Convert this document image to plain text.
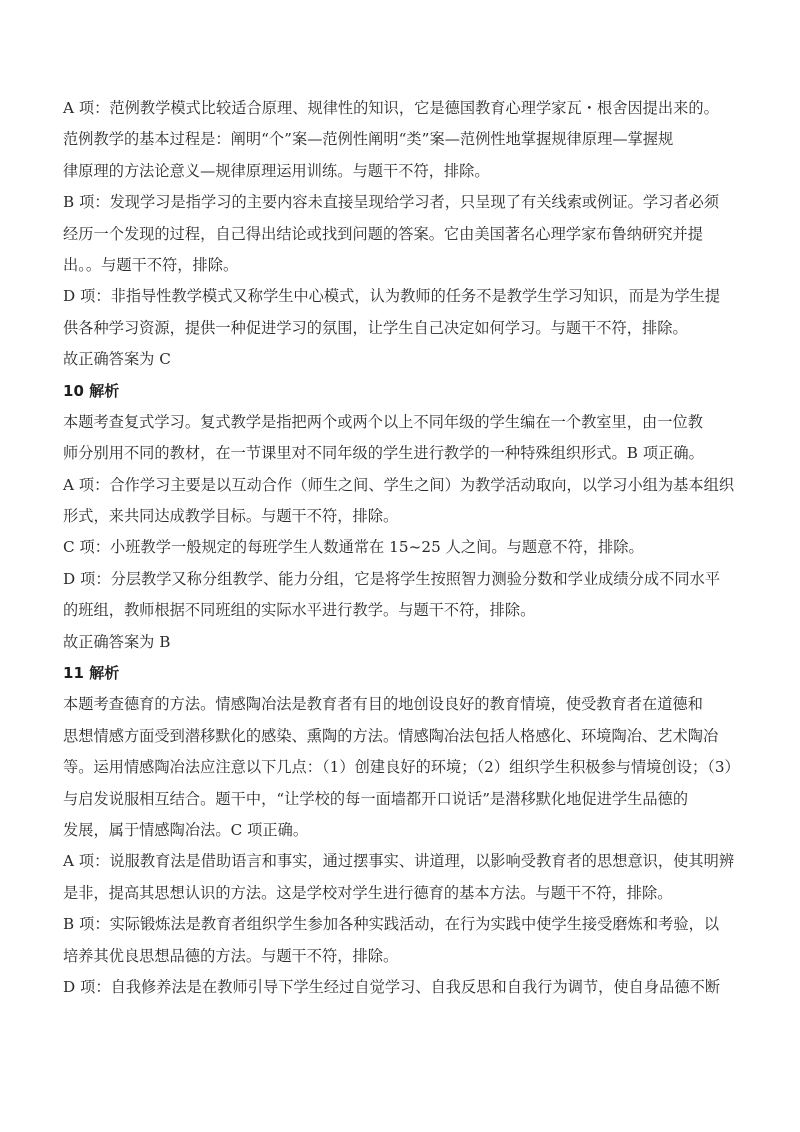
A 项：范例教学模式比较适合原理、规律性的知识，它是德国教育心理学家瓦・根舍因提出来的。
范例教学的基本过程是：阐明“个”案—范例性阐明“类”案—范例性地掌握规律原理—掌握规
律原理的方法论意义—规律原理运用训练。与题干不符，排除。
B 项：发现学习是指学习的主要内容未直接呈现给学习者，只呈现了有关线索或例证。学习者必须
经历一个发现的过程，自己得出结论或找到问题的答案。它由美国著名心理学家布鲁纳研究并提
出。。与题干不符，排除。
D 项：非指导性教学模式又称学生中心模式，认为教师的任务不是教学生学习知识，而是为学生提
供各种学习资源，提供一种促进学习的氛围，让学生自己决定如何学习。与题干不符，排除。
故正确答案为 C
10 解析
本题考查复式学习。复式教学是指把两个或两个以上不同年级的学生编在一个教室里，由一位教
师分别用不同的教材，在一节课里对不同年级的学生进行教学的一种特殊组织形式。B 项正确。
A 项：合作学习主要是以互动合作（师生之间、学生之间）为教学活动取向，以学习小组为基本组织
形式，来共同达成教学目标。与题干不符，排除。
C 项：小班教学一般规定的每班学生人数通常在 15~25 人之间。与题意不符，排除。
D 项：分层教学又称分组教学、能力分组，它是将学生按照智力测验分数和学业成绩分成不同水平
的班组，教师根据不同班组的实际水平进行教学。与题干不符，排除。
故正确答案为 B
11 解析
本题考查德育的方法。情感陶冶法是教育者有目的地创设良好的教育情境，使受教育者在道德和
思想情感方面受到潜移默化的感染、熏陶的方法。情感陶冶法包括人格感化、环境陶冶、艺术陶冶
等。运用情感陶冶法应注意以下几点：（1）创建良好的环境；（2）组织学生积极参与情境创设；（3）
与启发说服相互结合。题干中，“让学校的每一面墙都开口说话”是潜移默化地促进学生品德的
发展，属于情感陶冶法。C 项正确。
A 项：说服教育法是借助语言和事实，通过摆事实、讲道理，以影响受教育者的思想意识，使其明辨
是非，提高其思想认识的方法。这是学校对学生进行德育的基本方法。与题干不符，排除。
B 项：实际锻炼法是教育者组织学生参加各种实践活动，在行为实践中使学生接受磨炼和考验，以
培养其优良思想品德的方法。与题干不符，排除。
D 项：自我修养法是在教师引导下学生经过自觉学习、自我反思和自我行为调节，使自身品德不断
